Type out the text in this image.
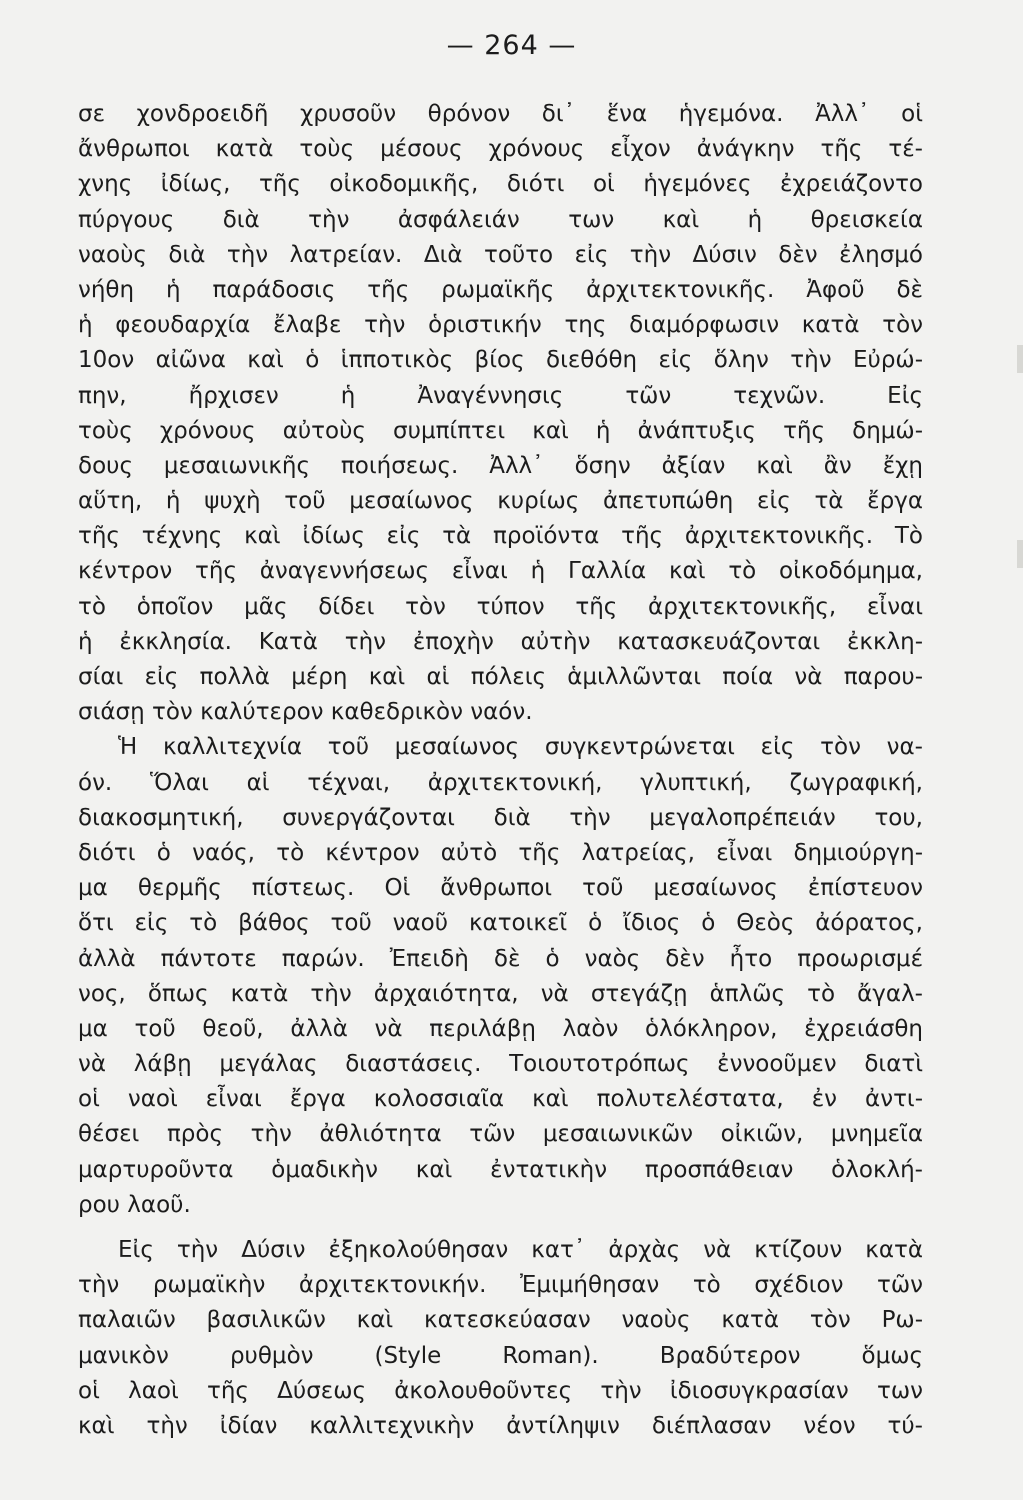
— 264 —
σε χονδροειδῆ χρυσοῦν θρόνον δι᾽ ἕνα ἡγεμόνα. Ἀλλ᾽ οἱ
ἄνθρωποι κατὰ τοὺς μέσους χρόνους εἶχον ἀνάγκην τῆς τέ-
χνης ἰδίως, τῆς οἰκοδομικῆς, διότι οἱ ἡγεμόνες ἐχρειάζοντο
πύργους διὰ τὴν ἀσφάλειάν των καὶ ἡ θρεισκεία
ναοὺς διὰ τὴν λατρείαν. Διὰ τοῦτο εἰς τὴν Δύσιν δὲν ἐλησμό
νήθη ἡ παράδοσις τῆς ρωμαϊκῆς ἀρχιτεκτονικῆς. Ἀφοῦ δὲ
ἡ φεουδαρχία ἔλαβε τὴν ὁριστικήν της διαμόρφωσιν κατὰ τὸν
10ον αἰῶνα καὶ ὁ ἱπποτικὸς βίος διεθόθη εἰς ὅλην τὴν Εὐρώ-
πην, ἤρχισεν ἡ Ἀναγέννησις τῶν τεχνῶν. Εἰς
τοὺς χρόνους αὐτοὺς συμπίπτει καὶ ἡ ἀνάπτυξις τῆς δημώ-
δους μεσαιωνικῆς ποιήσεως. Ἀλλ᾽ ὅσην ἀξίαν καὶ ἂν ἔχῃ
αὕτη, ἡ ψυχὴ τοῦ μεσαίωνος κυρίως ἀπετυπώθη εἰς τὰ ἔργα
τῆς τέχνης καὶ ἰδίως εἰς τὰ προϊόντα τῆς ἀρχιτεκτονικῆς. Τὸ
κέντρον τῆς ἀναγεννήσεως εἶναι ἡ Γαλλία καὶ τὸ οἰκοδόμημα,
τὸ ὁποῖον μᾶς δίδει τὸν τύπον τῆς ἀρχιτεκτονικῆς, εἶναι
ἡ ἐκκλησία. Κατὰ τὴν ἐποχὴν αὐτὴν κατασκευάζονται ἐκκλη-
σίαι εἰς πολλὰ μέρη καὶ αἱ πόλεις ἁμιλλῶνται ποία νὰ παρου-
σιάσῃ τὸν καλύτερον καθεδρικὸν ναόν.
Ἡ καλλιτεχνία τοῦ μεσαίωνος συγκεντρώνεται εἰς τὸν να-
όν. Ὅλαι αἱ τέχναι, ἀρχιτεκτονική, γλυπτική, ζωγραφική,
διακοσμητική, συνεργάζονται διὰ τὴν μεγαλοπρέπειάν του,
διότι ὁ ναός, τὸ κέντρον αὐτὸ τῆς λατρείας, εἶναι δημιούργη-
μα θερμῆς πίστεως. Οἱ ἄνθρωποι τοῦ μεσαίωνος ἐπίστευον
ὅτι εἰς τὸ βάθος τοῦ ναοῦ κατοικεῖ ὁ ἴδιος ὁ Θεὸς ἀόρατος,
ἀλλὰ πάντοτε παρών. Ἐπειδὴ δὲ ὁ ναὸς δὲν ἦτο προωρισμέ
νος, ὅπως κατὰ τὴν ἀρχαιότητα, νὰ στεγάζῃ ἁπλῶς τὸ ἄγαλ-
μα τοῦ θεοῦ, ἀλλὰ νὰ περιλάβῃ λαὸν ὁλόκληρον, ἐχρειάσθη
νὰ λάβῃ μεγάλας διαστάσεις. Τοιουτοτρόπως ἐννοοῦμεν διατὶ
οἱ ναοὶ εἶναι ἔργα κολοσσιαῖα καὶ πολυτελέστατα, ἐν ἀντι-
θέσει πρὸς τὴν ἀθλιότητα τῶν μεσαιωνικῶν οἰκιῶν, μνημεῖα
μαρτυροῦντα ὁμαδικὴν καὶ ἐντατικὴν προσπάθειαν ὁλοκλή-
ρου λαοῦ.
Εἰς τὴν Δύσιν ἐξηκολούθησαν κατ᾽ ἀρχὰς νὰ κτίζουν κατὰ
τὴν ρωμαϊκὴν ἀρχιτεκτονικήν. Ἐμιμήθησαν τὸ σχέδιον τῶν
παλαιῶν βασιλικῶν καὶ κατεσκεύασαν ναοὺς κατὰ τὸν Ρω-
μανικὸν ρυθμὸν (Style Roman). Βραδύτερον ὅμως
οἱ λαοὶ τῆς Δύσεως ἀκολουθοῦντες τὴν ἰδιοσυγκρασίαν των
καὶ τὴν ἰδίαν καλλιτεχνικὴν ἀντίληψιν διέπλασαν νέον τύ-
